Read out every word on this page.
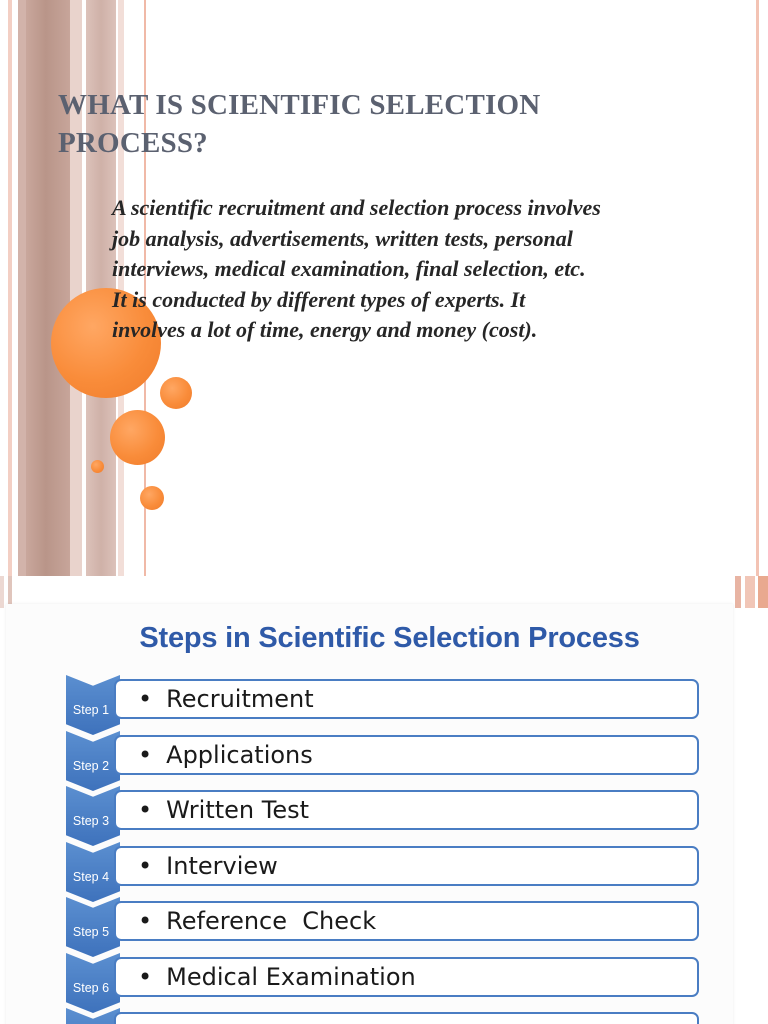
WHAT IS SCIENTIFIC SELECTION
PROCESS?

A scientific recruitment and selection process involves
job analysis, advertisements, written tests, personal
interviews, medical examination, final selection, etc.
It is conducted by different types of experts. It
involves a lot of time, energy and money (cost).

Steps in Scientific Selection Process
Step 1 • Recruitment
Step 2 • Applications
Step 3 • Written Test
Step 4 • Interview
Step 5 • Reference  Check
Step 6 • Medical Examination
